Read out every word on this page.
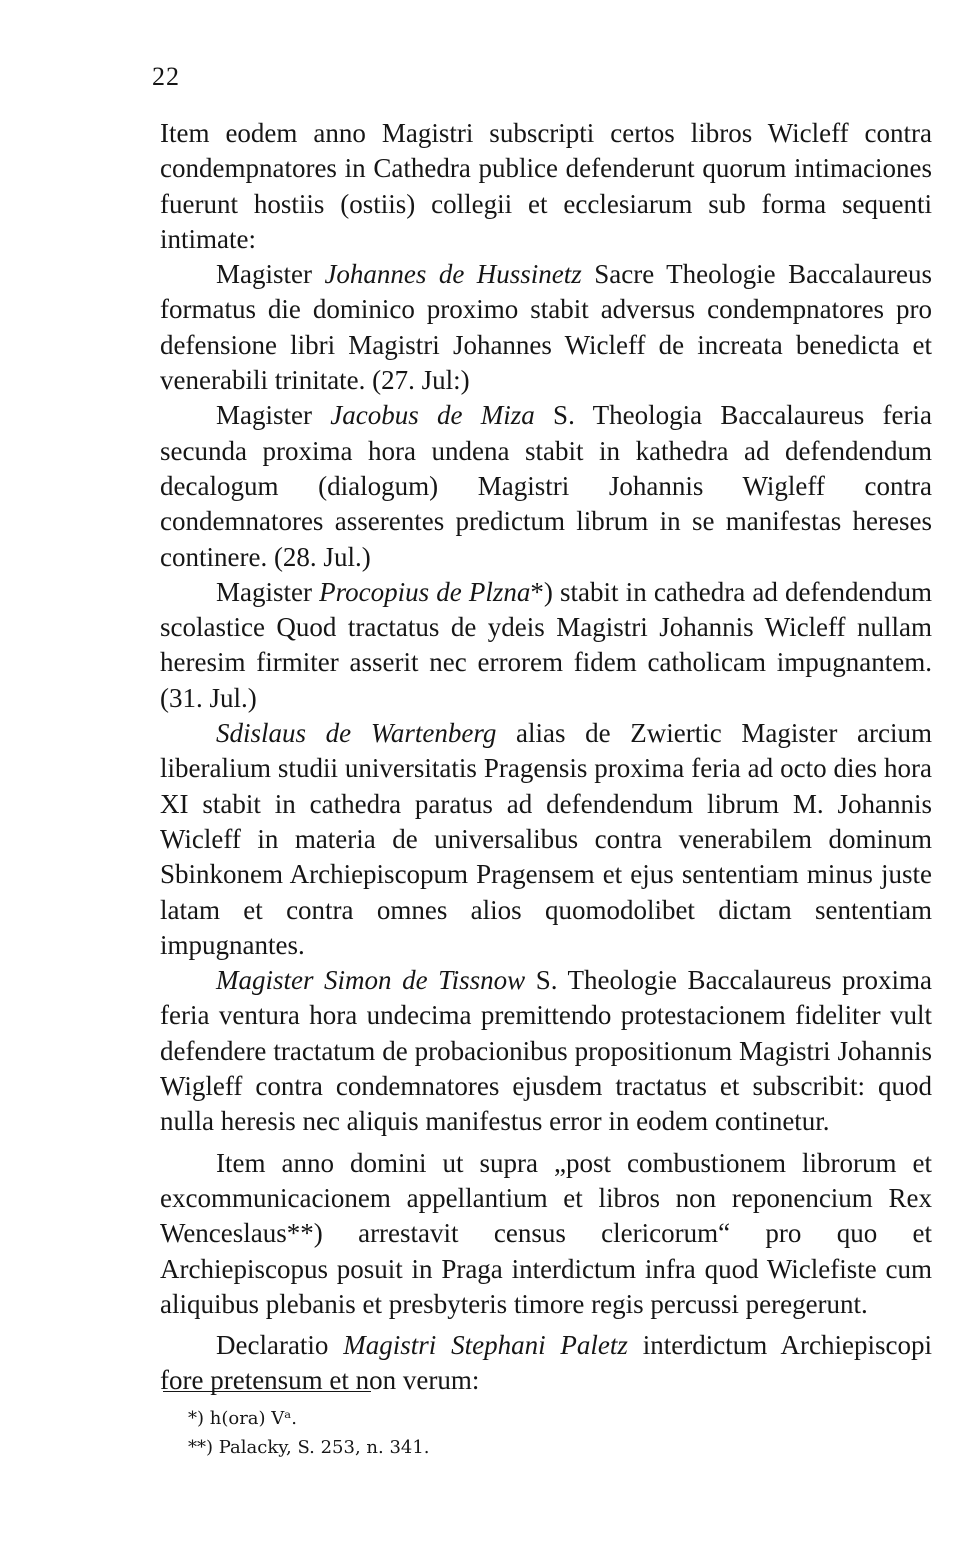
22

Item eodem anno Magistri subscripti certos libros Wicleff contra condempnatores in Cathedra publice defenderunt quorum intimaciones fuerunt hostiis (ostiis) collegii et ecclesiarum sub forma sequenti intimate:

Magister Johannes de Hussinetz Sacre Theologie Baccalaureus formatus die dominico proximo stabit adversus condempnatores pro defensione libri Magistri Johannes Wicleff de increata benedicta et venerabili trinitate. (27. Jul:)

Magister Jacobus de Miza S. Theologia Baccalaureus feria secunda proxima hora undena stabit in kathedra ad defendendum decalogum (dialogum) Magistri Johannis Wigleff contra condemnatores asserentes predictum librum in se manifestas hereses continere. (28. Jul.)

Magister Procopius de Plzna*) stabit in cathedra ad defendendum scolastice Quod tractatus de ydeis Magistri Johannis Wicleff nullam heresim firmiter asserit nec errorem fidem catholicam impugnantem. (31. Jul.)

Sdislaus de Wartenberg alias de Zwiertic Magister arcium liberalium studii universitatis Pragensis proxima feria ad octo dies hora XI stabit in cathedra paratus ad defendendum librum M. Johannis Wicleff in materia de universalibus contra venerabilem dominum Sbinkonem Archiepiscopum Pragensem et ejus sententiam minus juste latam et contra omnes alios quomodolibet dictam sententiam impugnantes.

Magister Simon de Tissnow S. Theologie Baccalaureus proxima feria ventura hora undecima premittendo protestacionem fideliter vult defendere tractatum de probacionibus propositionum Magistri Johannis Wigleff contra condemnatores ejusdem tractatus et subscribit: quod nulla heresis nec aliquis manifestus error in eodem continetur.

Item anno domini ut supra „post combustionem librorum et excommunicacionem appellantium et libros non reponencium Rex Wenceslaus**) arrestavit census clericorum“ pro quo et Archiepiscopus posuit in Praga interdictum infra quod Wiclefiste cum aliquibus plebanis et presbyteris timore regis percussi peregerunt.

Declaratio Magistri Stephani Paletz interdictum Archiepiscopi fore pretensum et non verum:

*) h(ora) Vᵃ.

**) Palacky, S. 253, n. 341.
